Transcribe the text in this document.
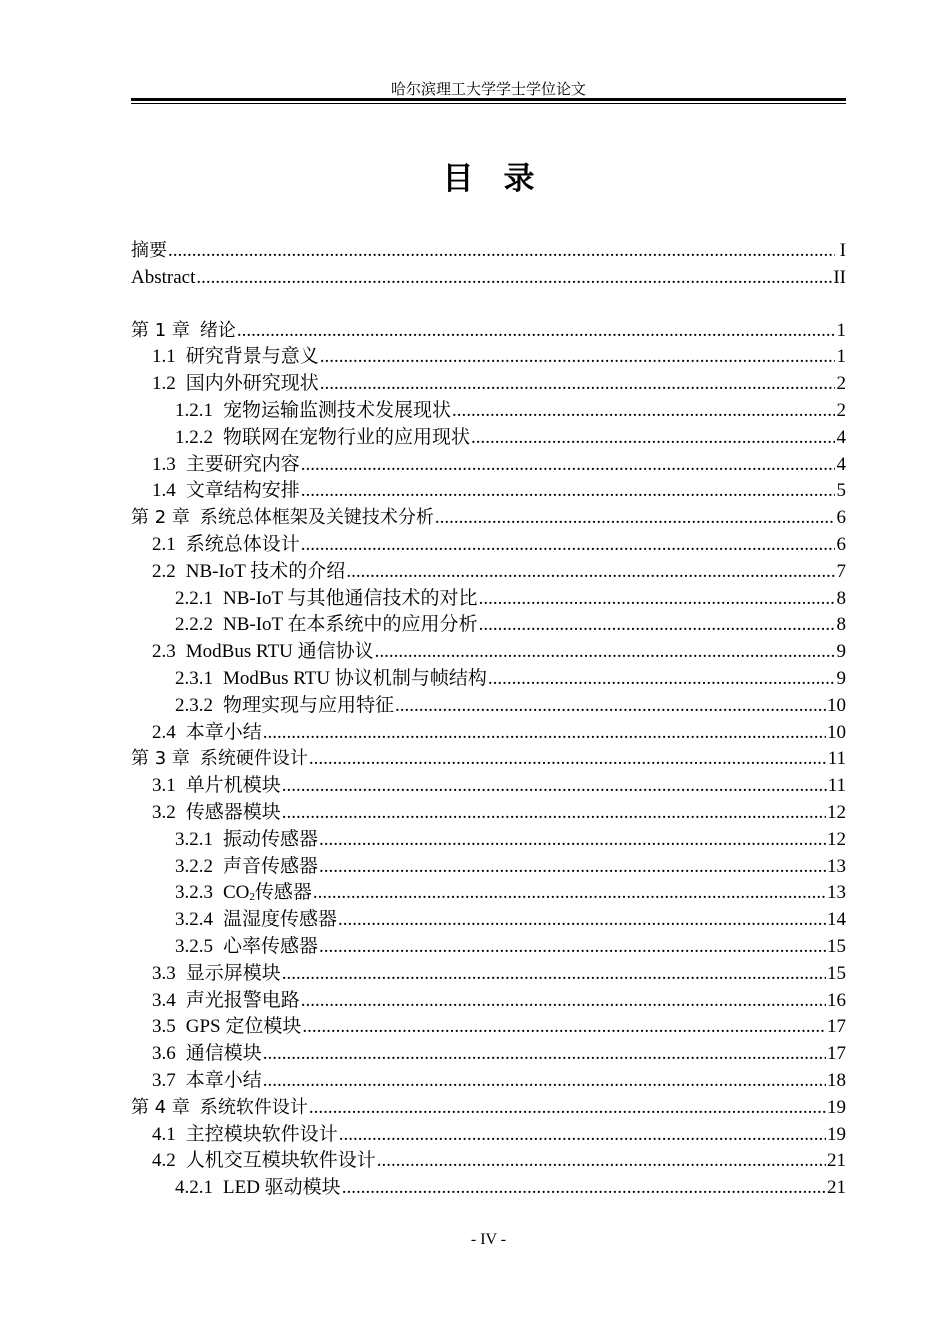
哈尔滨理工大学学士学位论文
目 录
摘要 .....	I
Abstract .....	II
第 1 章 绪论 .....	1
1.1 研究背景与意义 .....	1
1.2 国内外研究现状 .....	2
1.2.1 宠物运输监测技术发展现状 .....	2
1.2.2 物联网在宠物行业的应用现状 .....	4
1.3 主要研究内容 .....	4
1.4 文章结构安排 .....	5
第 2 章 系统总体框架及关键技术分析 .....	6
2.1 系统总体设计 .....	6
2.2 NB-IoT 技术的介绍 .....	7
2.2.1 NB-IoT 与其他通信技术的对比 .....	8
2.2.2 NB-IoT 在本系统中的应用分析 .....	8
2.3 ModBus RTU 通信协议 .....	9
2.3.1 ModBus RTU 协议机制与帧结构 .....	9
2.3.2 物理实现与应用特征 .....	10
2.4 本章小结 .....	10
第 3 章 系统硬件设计 .....	11
3.1 单片机模块 .....	11
3.2 传感器模块 .....	12
3.2.1 振动传感器 .....	12
3.2.2 声音传感器 .....	13
3.2.3 $CO_2$传感器 .....	13
3.2.4 温湿度传感器 .....	14
3.2.5 心率传感器 .....	15
3.3 显示屏模块 .....	15
3.4 声光报警电路 .....	16
3.5 GPS 定位模块 .....	17
3.6 通信模块 .....	17
3.7 本章小结 .....	18
第 4 章 系统软件设计 .....	19
4.1 主控模块软件设计 .....	19
4.2 人机交互模块软件设计 .....	21
4.2.1 LED 驱动模块 .....	21
- IV -
